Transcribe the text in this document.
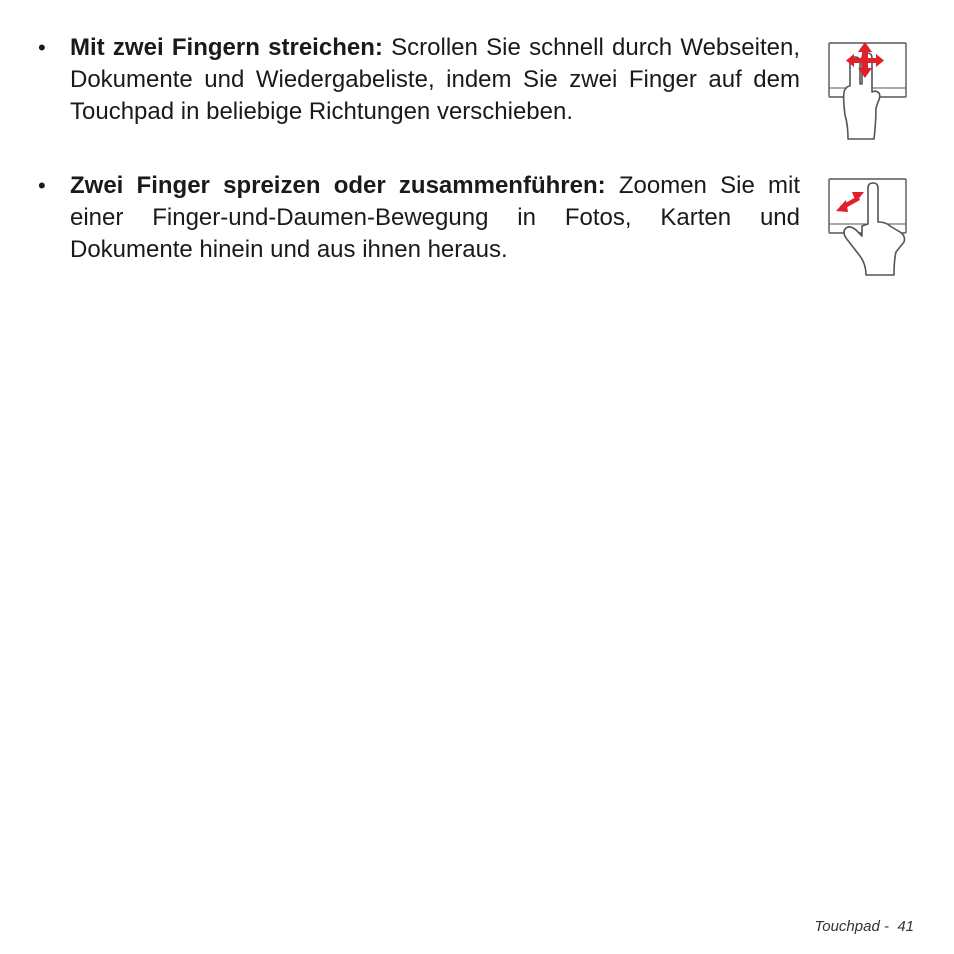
• Mit zwei Fingern streichen: Scrollen Sie schnell durch Webseiten, Dokumente und Wiedergabeliste, indem Sie zwei Finger auf dem Touchpad in beliebige Richtungen verschieben.

• Zwei Finger spreizen oder zusammenführen: Zoomen Sie mit einer Finger-und-Daumen-Bewegung in Fotos, Karten und Dokumente hinein und aus ihnen heraus.

Touchpad - 41
